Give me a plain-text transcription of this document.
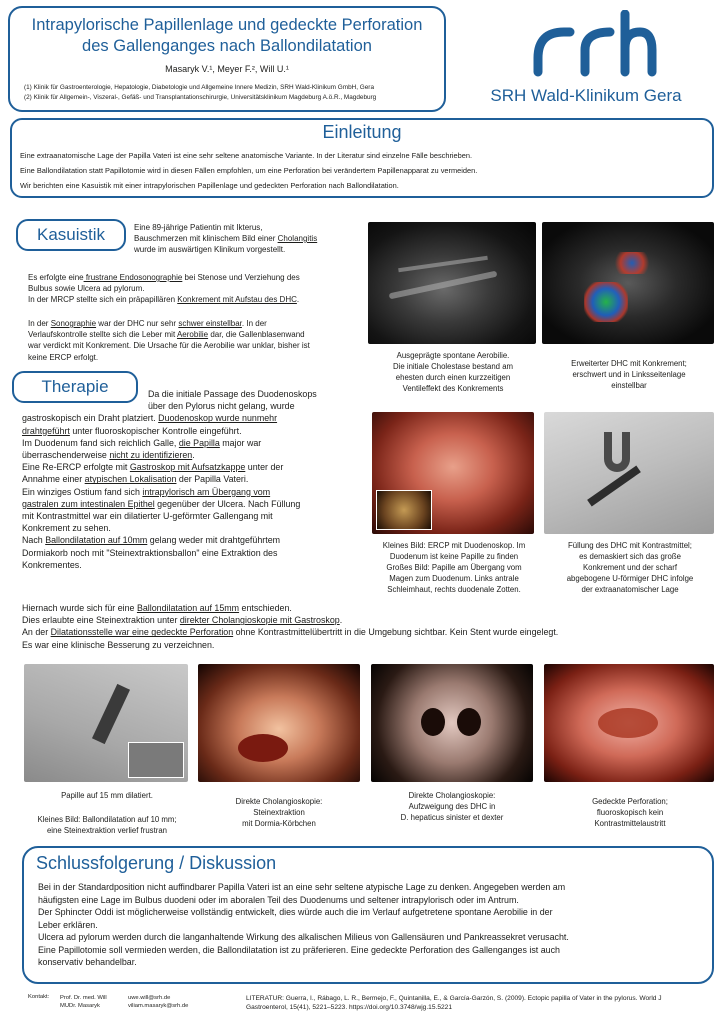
Intrapylorische Papillenlage und gedeckte Perforation
des Gallenganges nach Ballondilatation
Masaryk V.¹, Meyer F.², Will U.¹
(1) Klinik für Gastroenterologie, Hepatologie, Diabetologie und Allgemeine Innere Medizin, SRH Wald-Klinikum GmbH, Gera
(2) Klinik für Allgemein-, Viszeral-, Gefäß- und Transplantationschirurgie, Universitätsklinikum Magdeburg A.ö.R., Magdeburg	SRH Wald-Klinikum Gera
Einleitung
Eine extraanatomische Lage der Papilla Vateri ist eine sehr seltene anatomische Variante. In der Literatur sind einzelne Fälle beschrieben.
Eine Ballondilatation statt Papillotomie wird in diesen Fällen empfohlen, um eine Perforation bei verändertem Papillenapparat zu vermeiden.
Wir berichten eine Kasuistik mit einer intrapylorischen Papillenlage und gedeckten Perforation nach Ballondilatation.
Kasuistik	Eine 89-jährige Patientin mit Ikterus,
Bauschmerzen mit klinischem Bild einer Cholangitis
wurde im auswärtigen Klinikum vorgestellt.
Es erfolgte eine frustrane Endosonographie bei Stenose und Verziehung des
Bulbus sowie Ulcera ad pylorum.
In der MRCP stellte sich ein präpapillären Konkrement mit Aufstau des DHC.
In der Sonographie war der DHC nur sehr schwer einstellbar. In der
Verlaufskontrolle stellte sich die Leber mit Aerobilie dar, die Gallenblasenwand
war verdickt mit Konkrement. Die Ursache für die Aerobilie war unklar, bisher ist
keine ERCP erfolgt.	Ausgeprägte spontane Aerobilie.
Die initiale Cholestase bestand am
ehesten durch einen kurzzeitigen
Ventileffekt des Konkrements
Erweiterter DHC mit Konkrement;
erschwert und in Linksseitenlage
einstellbar
Therapie	Da die initiale Passage des Duodenoskops
über den Pylorus nicht gelang, wurde
gastroskopisch ein Draht platziert. Duodenoskop wurde nunmehr
drahtgeführt unter fluoroskopischer Kontrolle eingeführt.
Im Duodenum fand sich reichlich Galle, die Papilla major war
überraschenderweise nicht zu identifizieren.
Eine Re-ERCP erfolgte mit Gastroskop mit Aufsatzkappe unter der
Annahme einer atypischen Lokalisation der Papilla Vateri.
Ein winziges Ostium fand sich intrapylorisch am Übergang vom
gastralen zum intestinalen Epithel gegenüber der Ulcera. Nach Füllung
mit Kontrastmittel war ein dilatierter U-geförmter Gallengang mit
Konkrement zu sehen.
Nach Ballondilatation auf 10mm gelang weder mit drahtgeführtem
Dormiakorb noch mit "Steinextraktionsballon" eine Extraktion des
Konkrementes.
Kleines Bild: ERCP mit Duodenoskop. Im
Duodenum ist keine Papille zu finden
Großes Bild: Papille am Übergang vom
Magen zum Duodenum. Links antrale
Schleimhaut, rechts duodenale Zotten.
Füllung des DHC mit Kontrastmittel;
es demaskiert sich das große
Konkrement und der scharf
abgebogene U-förmiger DHC infolge
der extraanatomischer Lage
Hiernach wurde sich für eine Ballondilatation auf 15mm entschieden.
Dies erlaubte eine Steinextraktion unter direkter Cholangioskopie mit Gastroskop.
An der Dilatationsstelle war eine gedeckte Perforation ohne Kontrastmittelübertritt in die Umgebung sichtbar. Kein Stent wurde eingelegt.
Es war eine klinische Besserung zu verzeichnen.
Papille auf 15 mm dilatiert.
Kleines Bild: Ballondilatation auf 10 mm;
eine Steinextraktion verlief frustran
Direkte Cholangioskopie:
Steinextraktion
mit Dormia-Körbchen
Direkte Cholangioskopie:
Aufzweigung des DHC in
D. hepaticus sinister et dexter
Gedeckte Perforation;
fluoroskopisch kein
Kontrastmittelaustritt
Schlussfolgerung / Diskussion
Bei in der Standardposition nicht auffindbarer Papilla Vateri ist an eine sehr seltene atypische Lage zu denken. Angegeben werden am
häufigsten eine Lage im Bulbus duodeni oder im aboralen Teil des Duodenums und seltener intrapylorisch oder im Antrum.
Der Sphincter Oddi ist möglicherweise vollständig entwickelt, dies würde auch die im Verlauf aufgetretene spontane Aerobilie in der
Leber erklären.
Ulcera ad pylorum werden durch die langanhaltende Wirkung des alkalischen Milieus von Gallensäuren und Pankreassekret verusacht.
Eine Papillotomie soll vermieden werden, die Ballondilatation ist zu präferieren. Eine gedeckte Perforation des Gallenganges ist auch
konservativ behandelbar.
Kontakt: Prof. Dr. med. Will
MUDr. Masaryk
uwe.will@srh.de
viliam.masaryk@srh.de
LITERATUR: Guerra, I., Rábago, L. R., Bermejo, F., Quintanilla, E., & García-Garzón, S. (2009). Ectopic papilla of Vater in the pylorus. World J
Gastroenterol, 15(41), 5221–5223. https://doi.org/10.3748/wjg.15.5221
